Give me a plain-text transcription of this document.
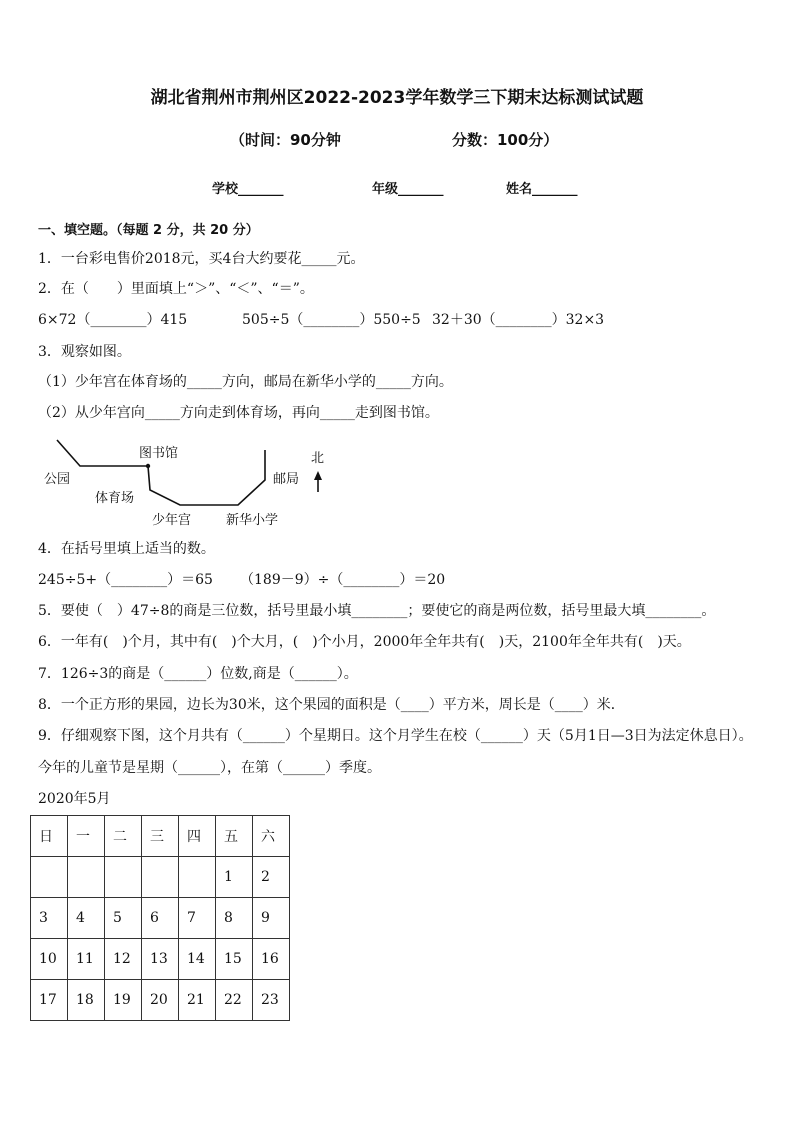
湖北省荆州市荆州区2022-2023学年数学三下期末达标测试试题
（时间：90分钟	分数：100分）
学校_______	年级_______	姓名_______
一、填空题。（每题 2 分，共 20 分）
1．一台彩电售价2018元，买4台大约要花_____元。
2．在（　　）里面填上“＞”、“＜”、“＝”。
6×72（________）415	505÷5（________）550÷5 32＋30（________）32×3
3．观察如图。
（1）少年宫在体育场的_____方向，邮局在新华小学的_____方向。
（2）从少年宫向_____方向走到体育场，再向_____走到图书馆。
图书馆
公园
体育场
少年宫	新华小学
邮局
北
4．在括号里填上适当的数。
245÷5+（________）＝65 （189－9）÷（________）＝20
5．要使（　）47÷8的商是三位数，括号里最小填________；要使它的商是两位数，括号里最大填________。
6．一年有(　)个月，其中有(　)个大月，(　)个小月，2000年全年共有(　)天，2100年全年共有(　)天。
7．126÷3的商是（______）位数,商是（______）。
8．一个正方形的果园，边长为30米，这个果园的面积是（____）平方米，周长是（____）米．
9．仔细观察下图，这个月共有（______）个星期日。这个月学生在校（______）天（5月1日—3日为法定休息日）。
今年的儿童节是星期（______），在第（______）季度。
2020年5月
日	一	二	三	四	五	六
					1	2
3	4	5	6	7	8	9
10	11	12	13	14	15	16
17	18	19	20	21	22	23
